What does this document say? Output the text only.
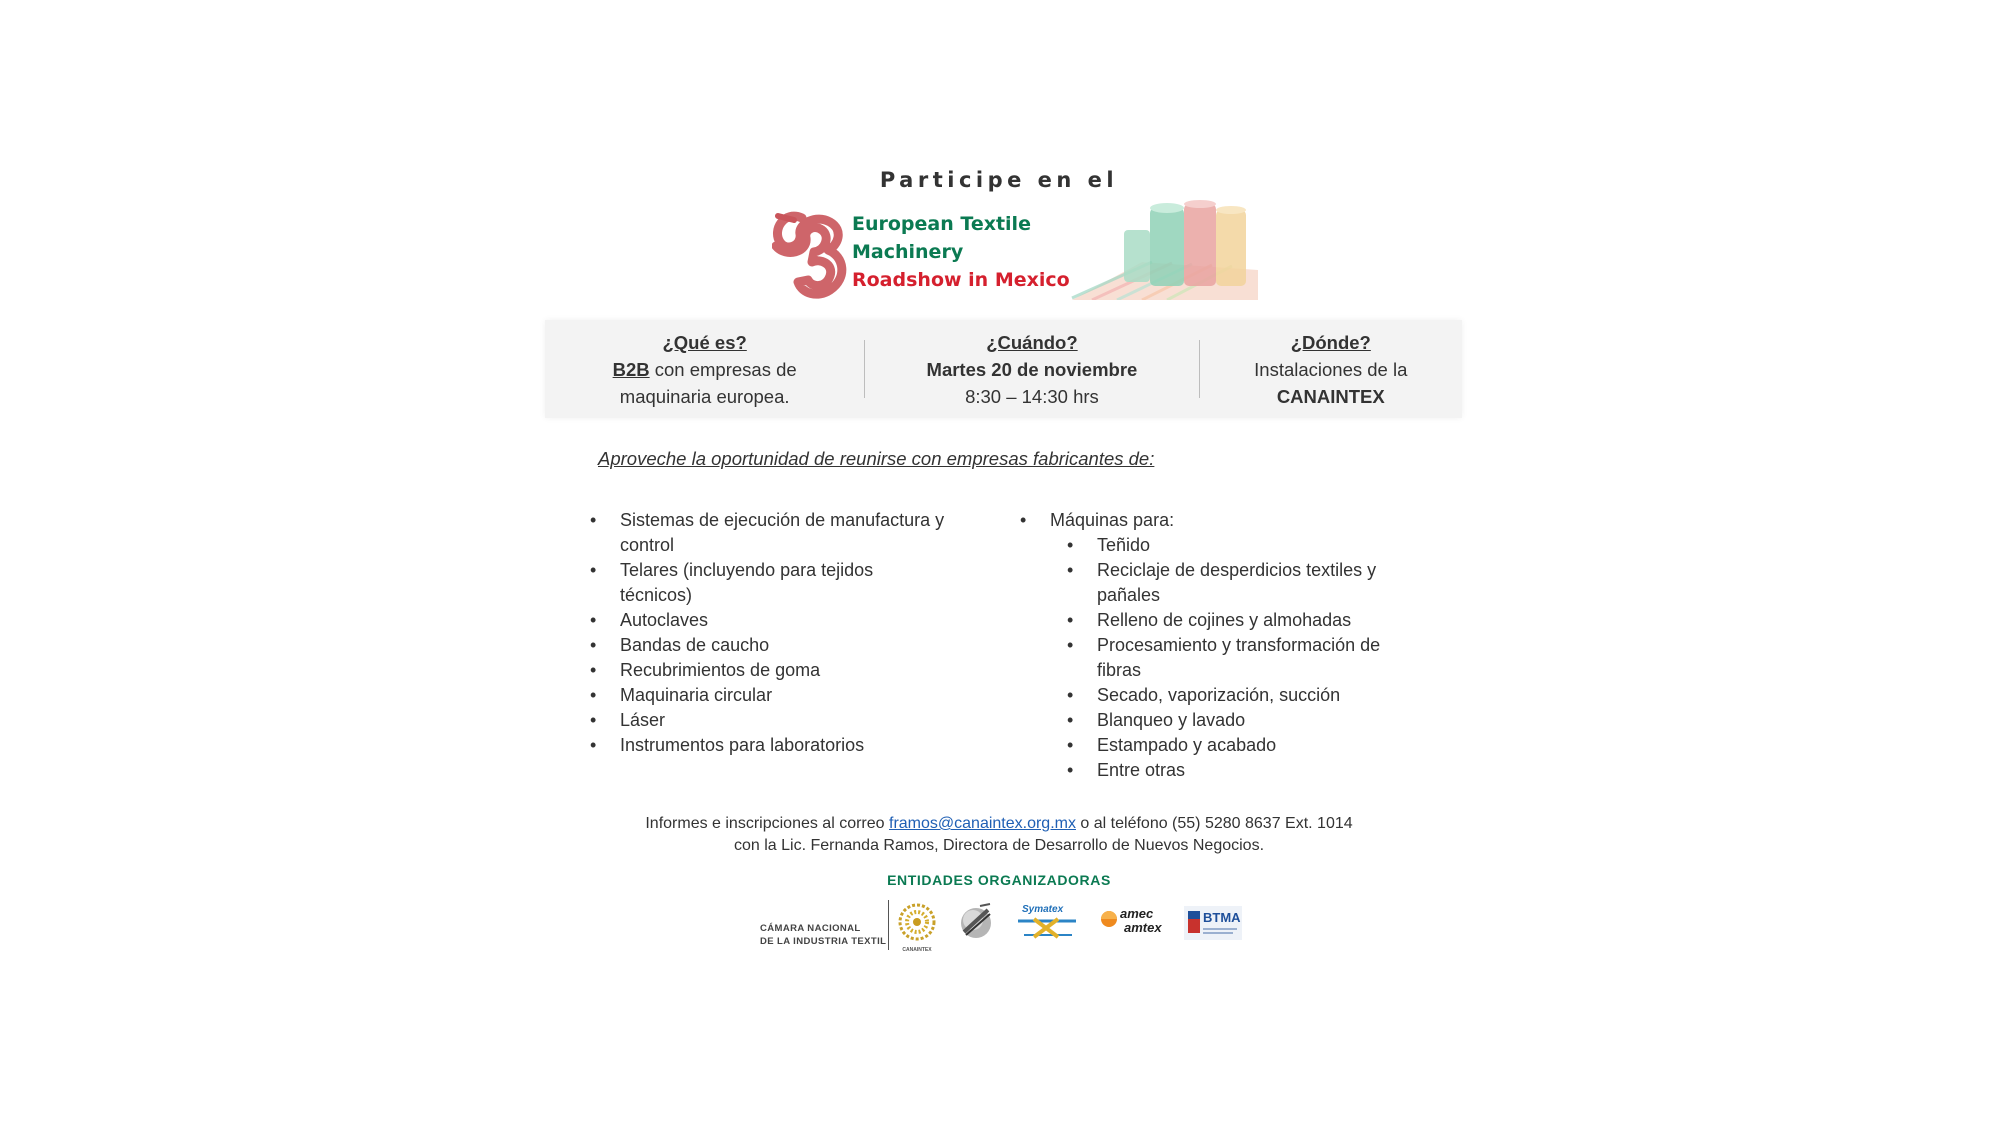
Participe en el
European Textile
Machinery
Roadshow in Mexico
¿Qué es?
B2B con empresas de
maquinaria europea.
¿Cuándo?
Martes 20 de noviembre
8:30 – 14:30 hrs
¿Dónde?
Instalaciones de la
CANAINTEX
Aproveche la oportunidad de reunirse con empresas fabricantes de:
• Sistemas de ejecución de manufactura y control
• Telares (incluyendo para tejidos técnicos)
• Autoclaves
• Bandas de caucho
• Recubrimientos de goma
• Maquinaria circular
• Láser
• Instrumentos para laboratorios
• Máquinas para:
• Teñido
• Reciclaje de desperdicios textiles y pañales
• Relleno de cojines y almohadas
• Procesamiento y transformación de fibras
• Secado, vaporización, succión
• Blanqueo y lavado
• Estampado y acabado
• Entre otras
Informes e inscripciones al correo framos@canaintex.org.mx o al teléfono (55) 5280 8637 Ext. 1014
con la Lic. Fernanda Ramos, Directora de Desarrollo de Nuevos Negocios.
ENTIDADES ORGANIZADORAS
CÁMARA NACIONAL
DE LA INDUSTRIA TEXTIL
CANAINTEX
Symatex	amec
amtex
BTMA
